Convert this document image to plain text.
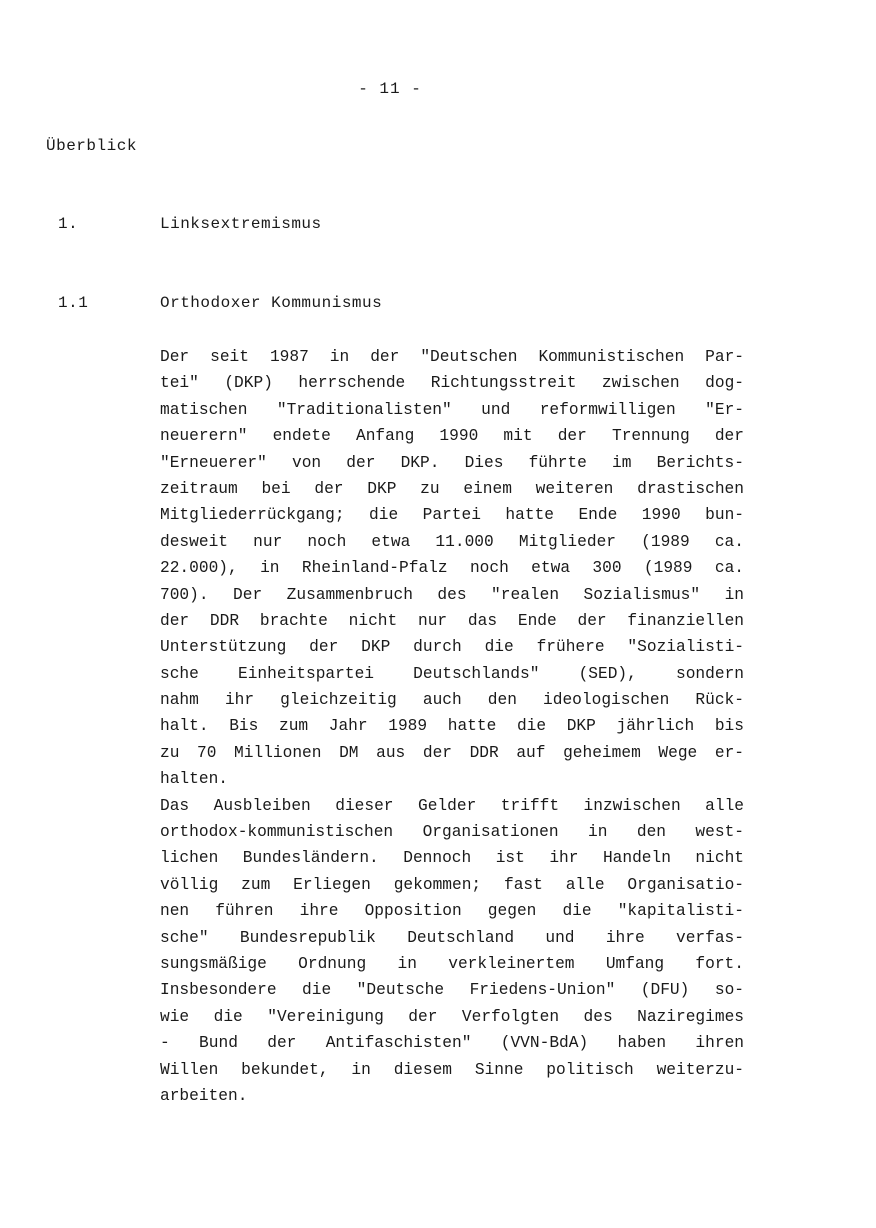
- 11 -
Überblick
1.	Linksextremismus
1.1	Orthodoxer Kommunismus
Der seit 1987 in der "Deutschen Kommunistischen Par-
tei" (DKP) herrschende Richtungsstreit zwischen dog-
matischen "Traditionalisten" und reformwilligen "Er-
neuerern" endete Anfang 1990 mit der Trennung der
"Erneuerer" von der DKP. Dies führte im Berichts-
zeitraum bei der DKP zu einem weiteren drastischen
Mitgliederrückgang; die Partei hatte Ende 1990 bun-
desweit nur noch etwa 11.000 Mitglieder (1989 ca.
22.000), in Rheinland-Pfalz noch etwa 300 (1989 ca.
700). Der Zusammenbruch des "realen Sozialismus" in
der DDR brachte nicht nur das Ende der finanziellen
Unterstützung der DKP durch die frühere "Sozialisti-
sche Einheitspartei Deutschlands" (SED), sondern
nahm ihr gleichzeitig auch den ideologischen Rück-
halt. Bis zum Jahr 1989 hatte die DKP jährlich bis
zu 70 Millionen DM aus der DDR auf geheimem Wege er-
halten.
Das Ausbleiben dieser Gelder trifft inzwischen alle
orthodox-kommunistischen Organisationen in den west-
lichen Bundesländern. Dennoch ist ihr Handeln nicht
völlig zum Erliegen gekommen; fast alle Organisatio-
nen führen ihre Opposition gegen die "kapitalisti-
sche" Bundesrepublik Deutschland und ihre verfas-
sungsmäßige Ordnung in verkleinertem Umfang fort.
Insbesondere die "Deutsche Friedens-Union" (DFU) so-
wie die "Vereinigung der Verfolgten des Naziregimes
- Bund der Antifaschisten" (VVN-BdA) haben ihren
Willen bekundet, in diesem Sinne politisch weiterzu-
arbeiten.
